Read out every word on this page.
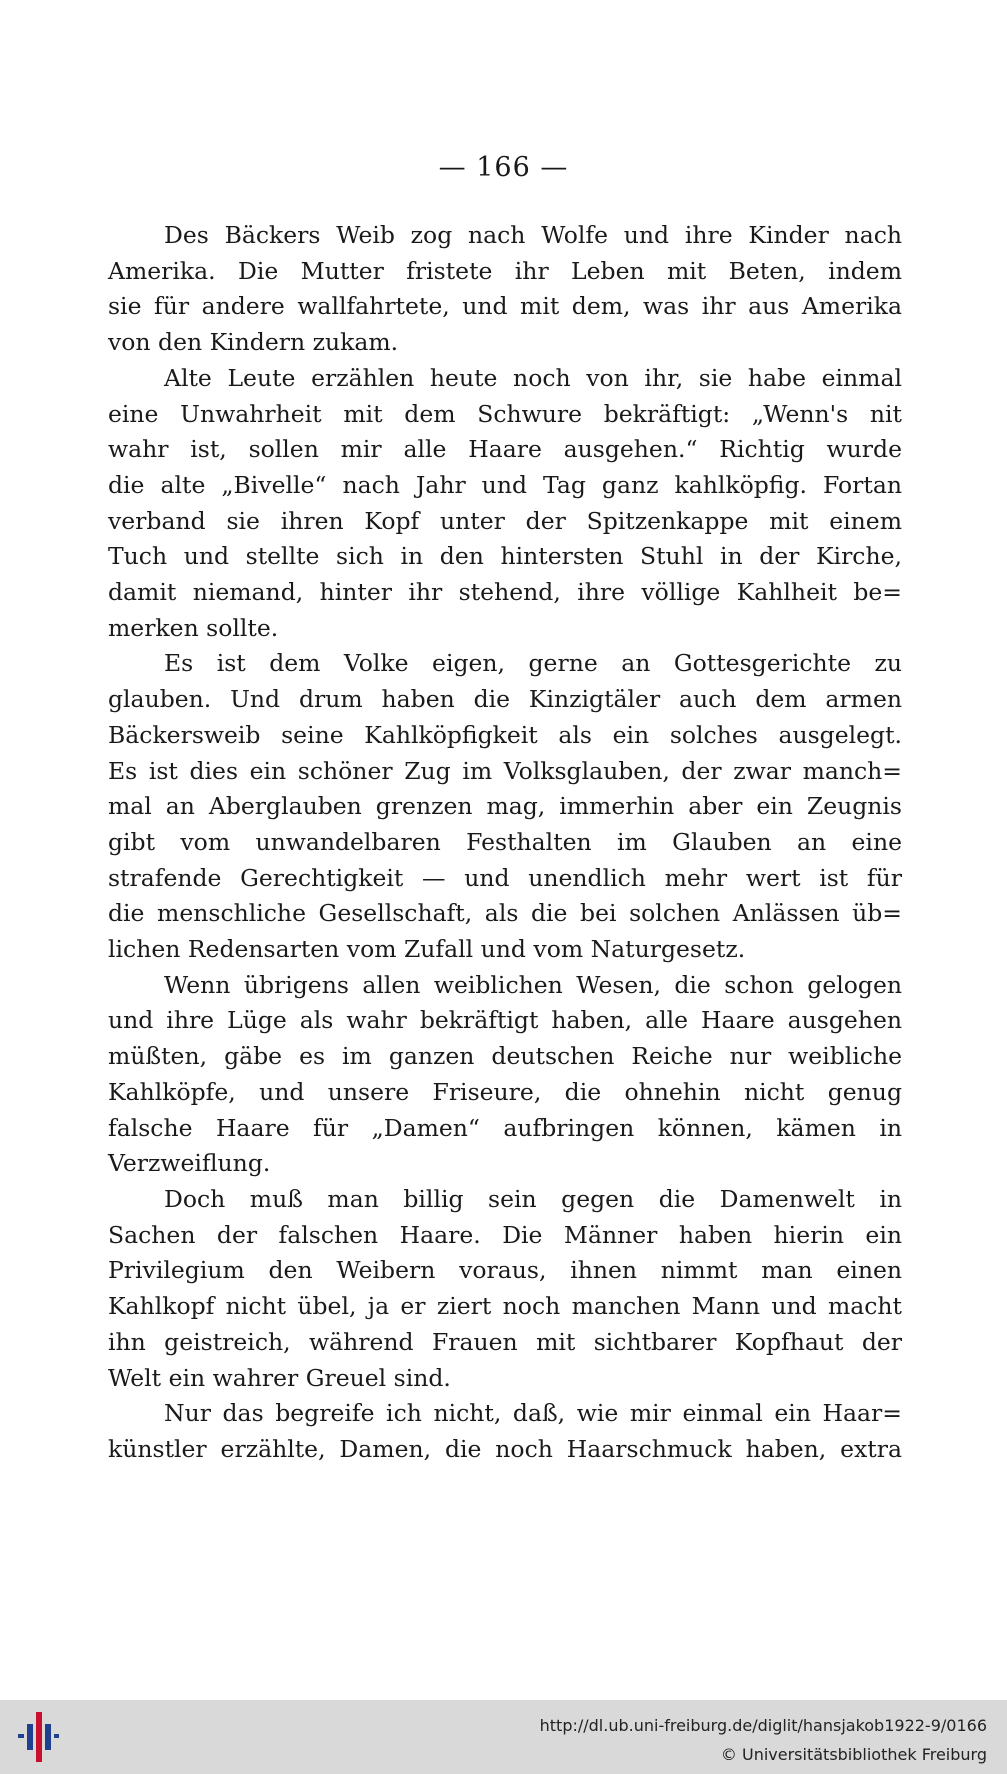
— 166 —

Des Bäckers Weib zog nach Wolfe und ihre Kinder nach
Amerika. Die Mutter fristete ihr Leben mit Beten, indem
sie für andere wallfahrtete, und mit dem, was ihr aus Amerika
von den Kindern zukam.

Alte Leute erzählen heute noch von ihr, sie habe einmal
eine Unwahrheit mit dem Schwure bekräftigt: „Wenn's nit
wahr ist, sollen mir alle Haare ausgehen.“ Richtig wurde
die alte „Bivelle“ nach Jahr und Tag ganz kahlköpfig. Fortan
verband sie ihren Kopf unter der Spitzenkappe mit einem
Tuch und stellte sich in den hintersten Stuhl in der Kirche,
damit niemand, hinter ihr stehend, ihre völlige Kahlheit be=
merken sollte.

Es ist dem Volke eigen, gerne an Gottesgerichte zu
glauben. Und drum haben die Kinzigtäler auch dem armen
Bäckersweib seine Kahlköpfigkeit als ein solches ausgelegt.
Es ist dies ein schöner Zug im Volksglauben, der zwar manch=
mal an Aberglauben grenzen mag, immerhin aber ein Zeugnis
gibt vom unwandelbaren Festhalten im Glauben an eine
strafende Gerechtigkeit — und unendlich mehr wert ist für
die menschliche Gesellschaft, als die bei solchen Anlässen üb=
lichen Redensarten vom Zufall und vom Naturgesetz.

Wenn übrigens allen weiblichen Wesen, die schon gelogen
und ihre Lüge als wahr bekräftigt haben, alle Haare ausgehen
müßten, gäbe es im ganzen deutschen Reiche nur weibliche
Kahlköpfe, und unsere Friseure, die ohnehin nicht genug
falsche Haare für „Damen“ aufbringen können, kämen in
Verzweiflung.

Doch muß man billig sein gegen die Damenwelt in
Sachen der falschen Haare. Die Männer haben hierin ein
Privilegium den Weibern voraus, ihnen nimmt man einen
Kahlkopf nicht übel, ja er ziert noch manchen Mann und macht
ihn geistreich, während Frauen mit sichtbarer Kopfhaut der
Welt ein wahrer Greuel sind.

Nur das begreife ich nicht, daß, wie mir einmal ein Haar=
künstler erzählte, Damen, die noch Haarschmuck haben, extra

http://dl.ub.uni-freiburg.de/diglit/hansjakob1922-9/0166
© Universitätsbibliothek Freiburg
